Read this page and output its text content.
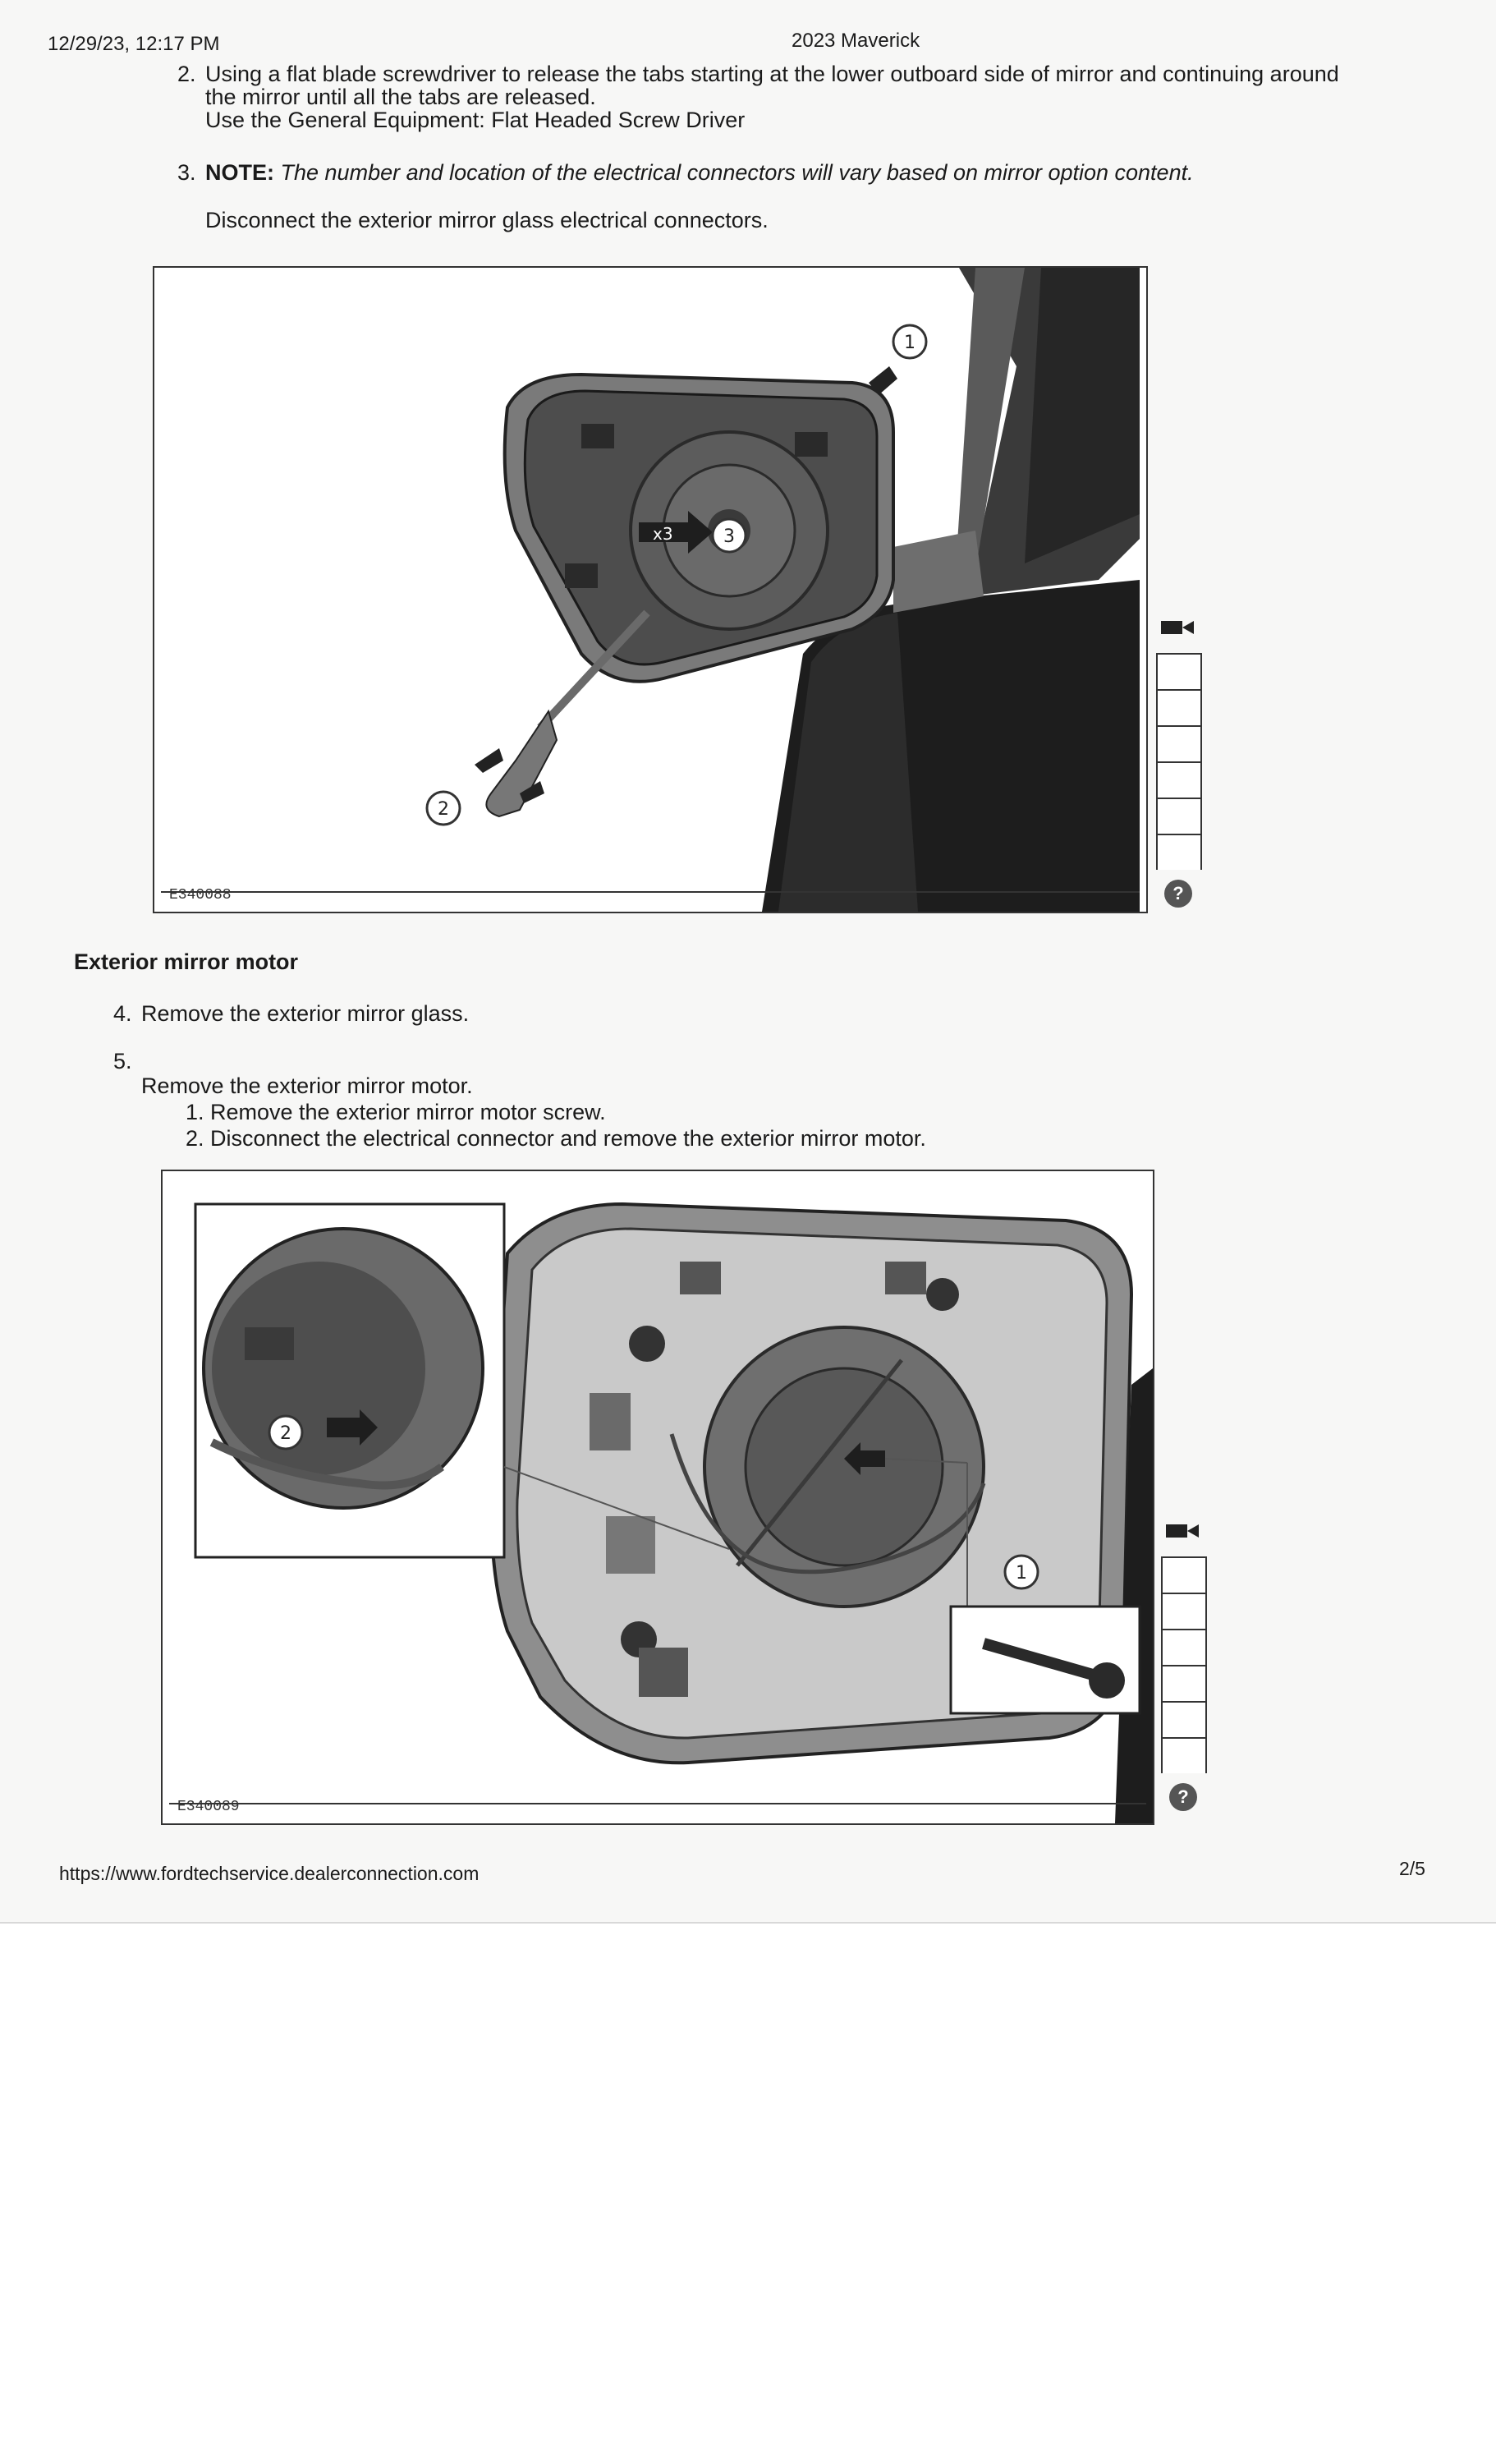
12/29/23, 12:17 PM	2023 Maverick
2. Using a flat blade screwdriver to release the tabs starting at the lower outboard side of mirror and continuing around
the mirror until all the tabs are released.
Use the General Equipment: Flat Headed Screw Driver
3. NOTE: The number and location of the electrical connectors will vary based on mirror option content.
Disconnect the exterior mirror glass electrical connectors.
x3
1
2
3
E340088	?
Exterior mirror motor
4. Remove the exterior mirror glass.
5.
Remove the exterior mirror motor.
1. Remove the exterior mirror motor screw.
2. Disconnect the electrical connector and remove the exterior mirror motor.
2
1
E340089	?
https://www.fordtechservice.dealerconnection.com	2/5
